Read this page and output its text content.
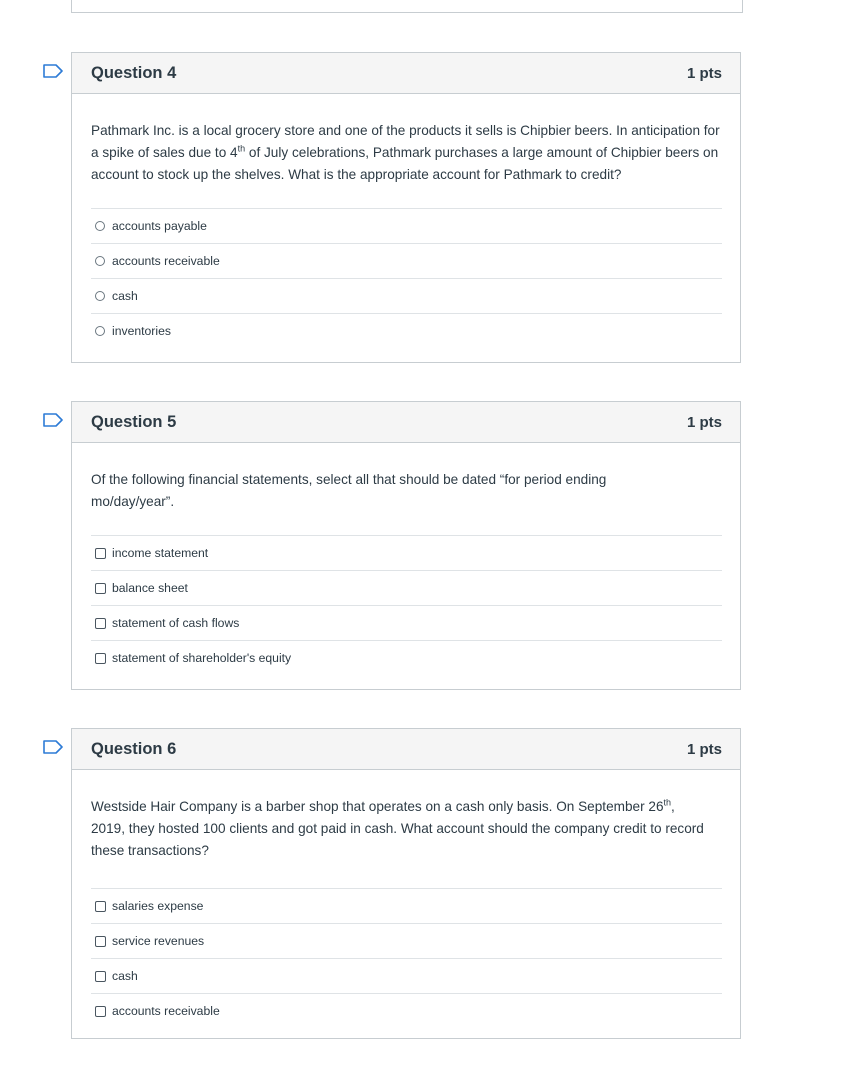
Question 4	1 pts

Pathmark Inc. is a local grocery store and one of the products it sells is Chipbier beers. In anticipation for a spike of sales due to 4th of July celebrations, Pathmark purchases a large amount of Chipbier beers on account to stock up the shelves. What is the appropriate account for Pathmark to credit?

accounts payable
accounts receivable
cash
inventories
Question 5	1 pts

Of the following financial statements, select all that should be dated “for period ending mo/day/year”.

income statement
balance sheet
statement of cash flows
statement of shareholder's equity
Question 6	1 pts

Westside Hair Company is a barber shop that operates on a cash only basis. On September 26th, 2019, they hosted 100 clients and got paid in cash. What account should the company credit to record these transactions?

salaries expense
service revenues
cash
accounts receivable
